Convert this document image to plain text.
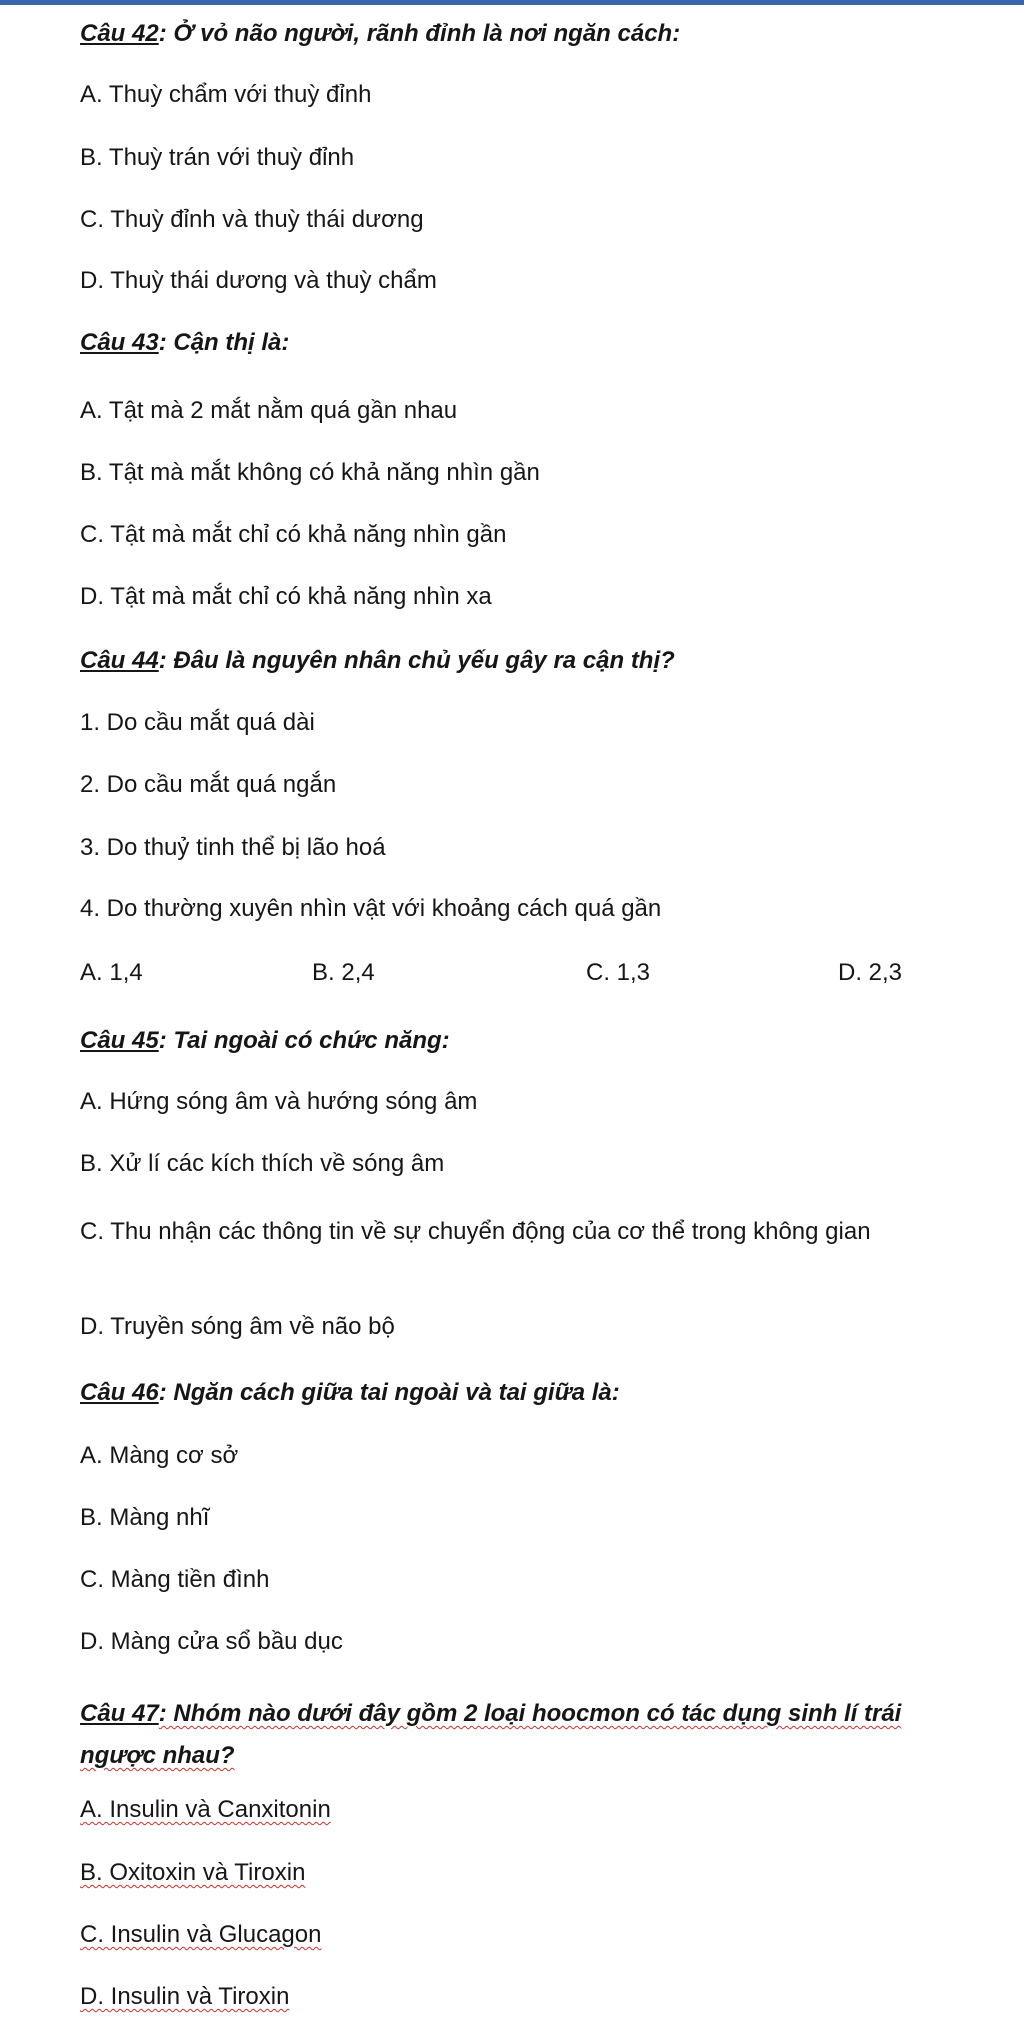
Câu 42: Ở vỏ não người, rãnh đỉnh là nơi ngăn cách:
A. Thuỳ chẩm với thuỳ đỉnh
B. Thuỳ trán với thuỳ đỉnh
C. Thuỳ đỉnh và thuỳ thái dương
D. Thuỳ thái dương và thuỳ chẩm
Câu 43: Cận thị là:
A. Tật mà 2 mắt nằm quá gần nhau
B. Tật mà mắt không có khả năng nhìn gần
C. Tật mà mắt chỉ có khả năng nhìn gần
D. Tật mà mắt chỉ có khả năng nhìn xa
Câu 44: Đâu là nguyên nhân chủ yếu gây ra cận thị?
1. Do cầu mắt quá dài
2. Do cầu mắt quá ngắn
3. Do thuỷ tinh thể bị lão hoá
4. Do thường xuyên nhìn vật với khoảng cách quá gần
A. 1,4	B. 2,4	C. 1,3	D. 2,3
Câu 45: Tai ngoài có chức năng:
A. Hứng sóng âm và hướng sóng âm
B. Xử lí các kích thích về sóng âm
C. Thu nhận các thông tin về sự chuyển động của cơ thể trong không gian
D. Truyền sóng âm về não bộ
Câu 46: Ngăn cách giữa tai ngoài và tai giữa là:
A. Màng cơ sở
B. Màng nhĩ
C. Màng tiền đình
D. Màng cửa sổ bầu dục
Câu 47: Nhóm nào dưới đây gồm 2 loại hoocmon có tác dụng sinh lí trái ngược nhau?
A. Insulin và Canxitonin
B. Oxitoxin và Tiroxin
C. Insulin và Glucagon
D. Insulin và Tiroxin
